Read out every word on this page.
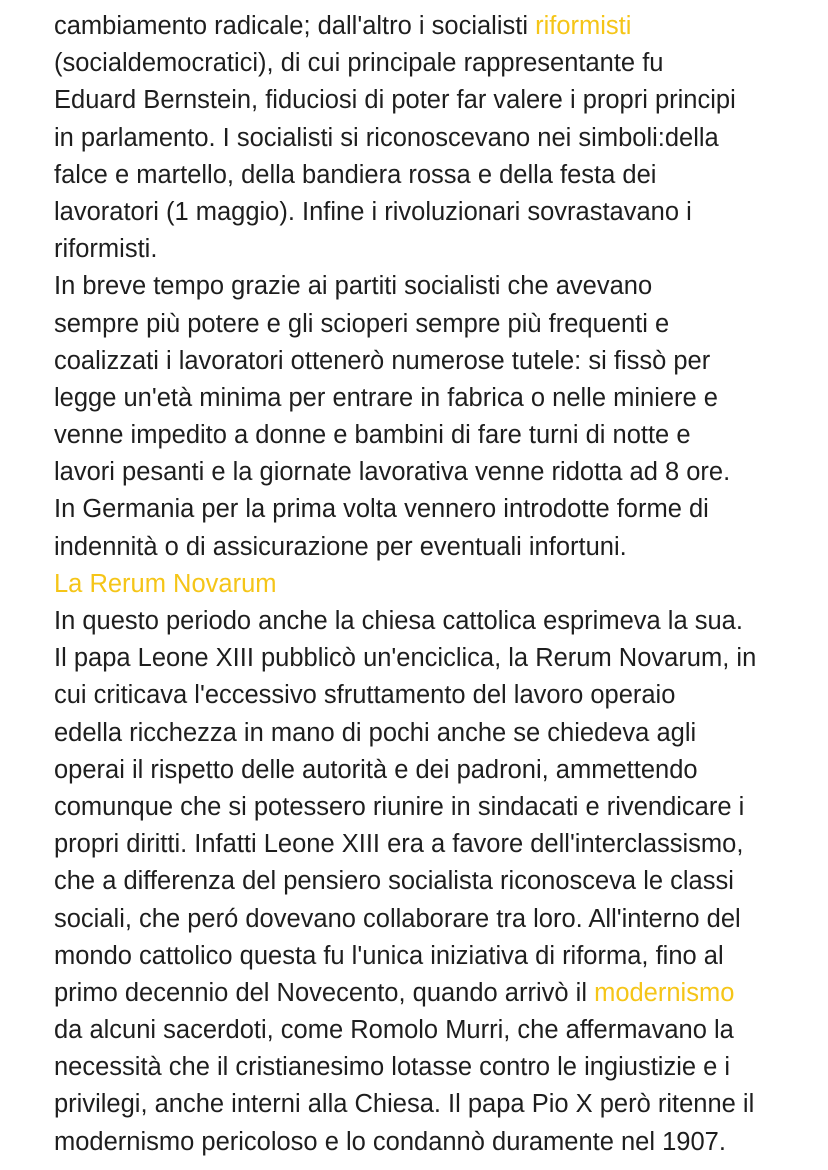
cambiamento radicale; dall'altro i socialisti riformisti
(socialdemocratici), di cui principale rappresentante fu
Eduard Bernstein, fiduciosi di poter far valere i propri principi
in parlamento. I socialisti si riconoscevano nei simboli:della
falce e martello, della bandiera rossa e della festa dei
lavoratori (1 maggio). Infine i rivoluzionari sovrastavano i
riformisti.
In breve tempo grazie ai partiti socialisti che avevano
sempre più potere e gli scioperi sempre più frequenti e
coalizzati i lavoratori ottenerò numerose tutele: si fissò per
legge un'età minima per entrare in fabrica o nelle miniere e
venne impedito a donne e bambini di fare turni di notte e
lavori pesanti e la giornate lavorativa venne ridotta ad 8 ore.
In Germania per la prima volta vennero introdotte forme di
indennità o di assicurazione per eventuali infortuni.
La Rerum Novarum
In questo periodo anche la chiesa cattolica esprimeva la sua.
Il papa Leone XIII pubblicò un'enciclica, la Rerum Novarum, in
cui criticava l'eccessivo sfruttamento del lavoro operaio
edella ricchezza in mano di pochi anche se chiedeva agli
operai il rispetto delle autorità e dei padroni, ammettendo
comunque che si potessero riunire in sindacati e rivendicare i
propri diritti. Infatti Leone XIII era a favore dell'interclassismo,
che a differenza del pensiero socialista riconosceva le classi
sociali, che peró dovevano collaborare tra loro. All'interno del
mondo cattolico questa fu l'unica iniziativa di riforma, fino al
primo decennio del Novecento, quando arrivò il modernismo
da alcuni sacerdoti, come Romolo Murri, che affermavano la
necessità che il cristianesimo lotasse contro le ingiustizie e i
privilegi, anche interni alla Chiesa. Il papa Pio X però ritenne il
modernismo pericoloso e lo condannò duramente nel 1907.
